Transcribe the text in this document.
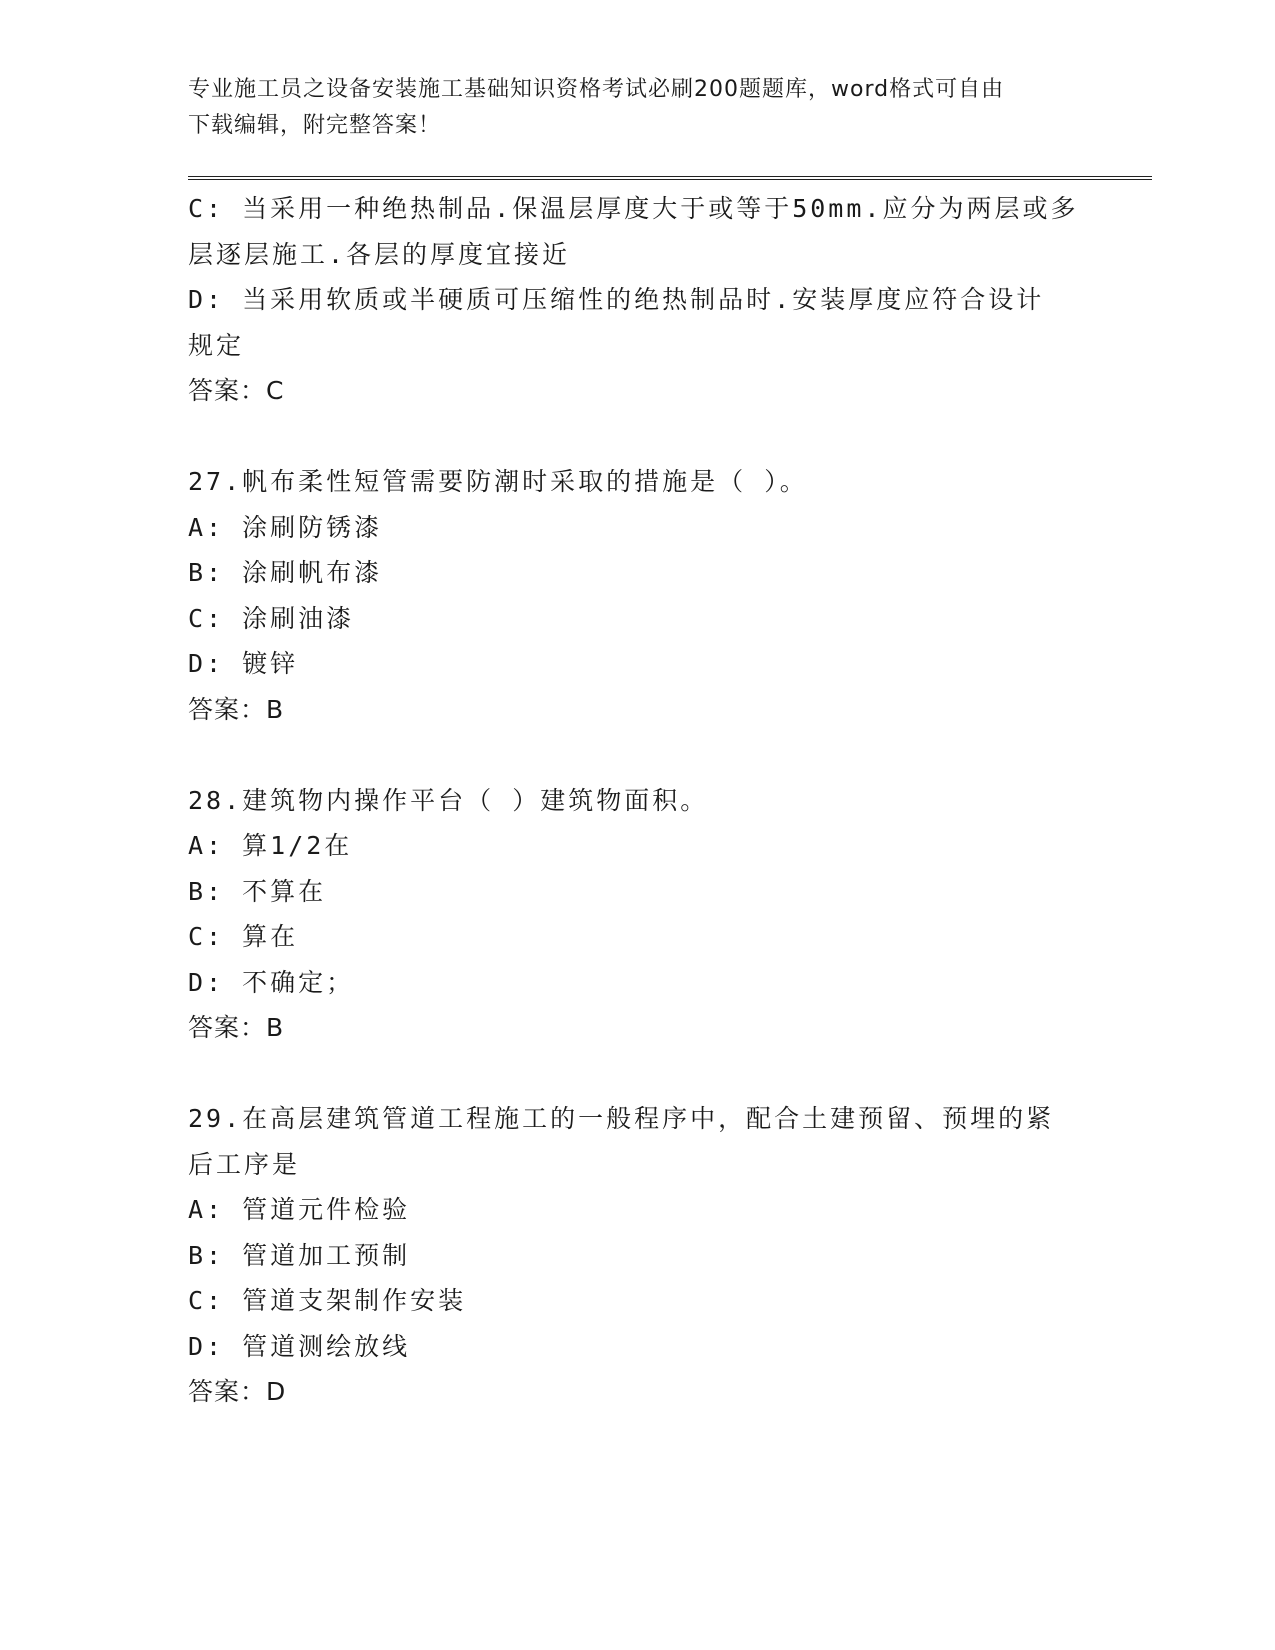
专业施工员之设备安装施工基础知识资格考试必刷200题题库，word格式可自由
下载编辑，附完整答案！
C: 当采用一种绝热制品.保温层厚度大于或等于50mm.应分为两层或多
层逐层施工.各层的厚度宜接近
D: 当采用软质或半硬质可压缩性的绝热制品时.安装厚度应符合设计
规定
答案：C
27.帆布柔性短管需要防潮时采取的措施是（ ）。
A: 涂刷防锈漆
B: 涂刷帆布漆
C: 涂刷油漆
D: 镀锌
答案：B
28.建筑物内操作平台（ ）建筑物面积。
A: 算1/2在
B: 不算在
C: 算在
D: 不确定；
答案：B
29.在高层建筑管道工程施工的一般程序中，配合土建预留、预埋的紧
后工序是
A: 管道元件检验
B: 管道加工预制
C: 管道支架制作安装
D: 管道测绘放线
答案：D
